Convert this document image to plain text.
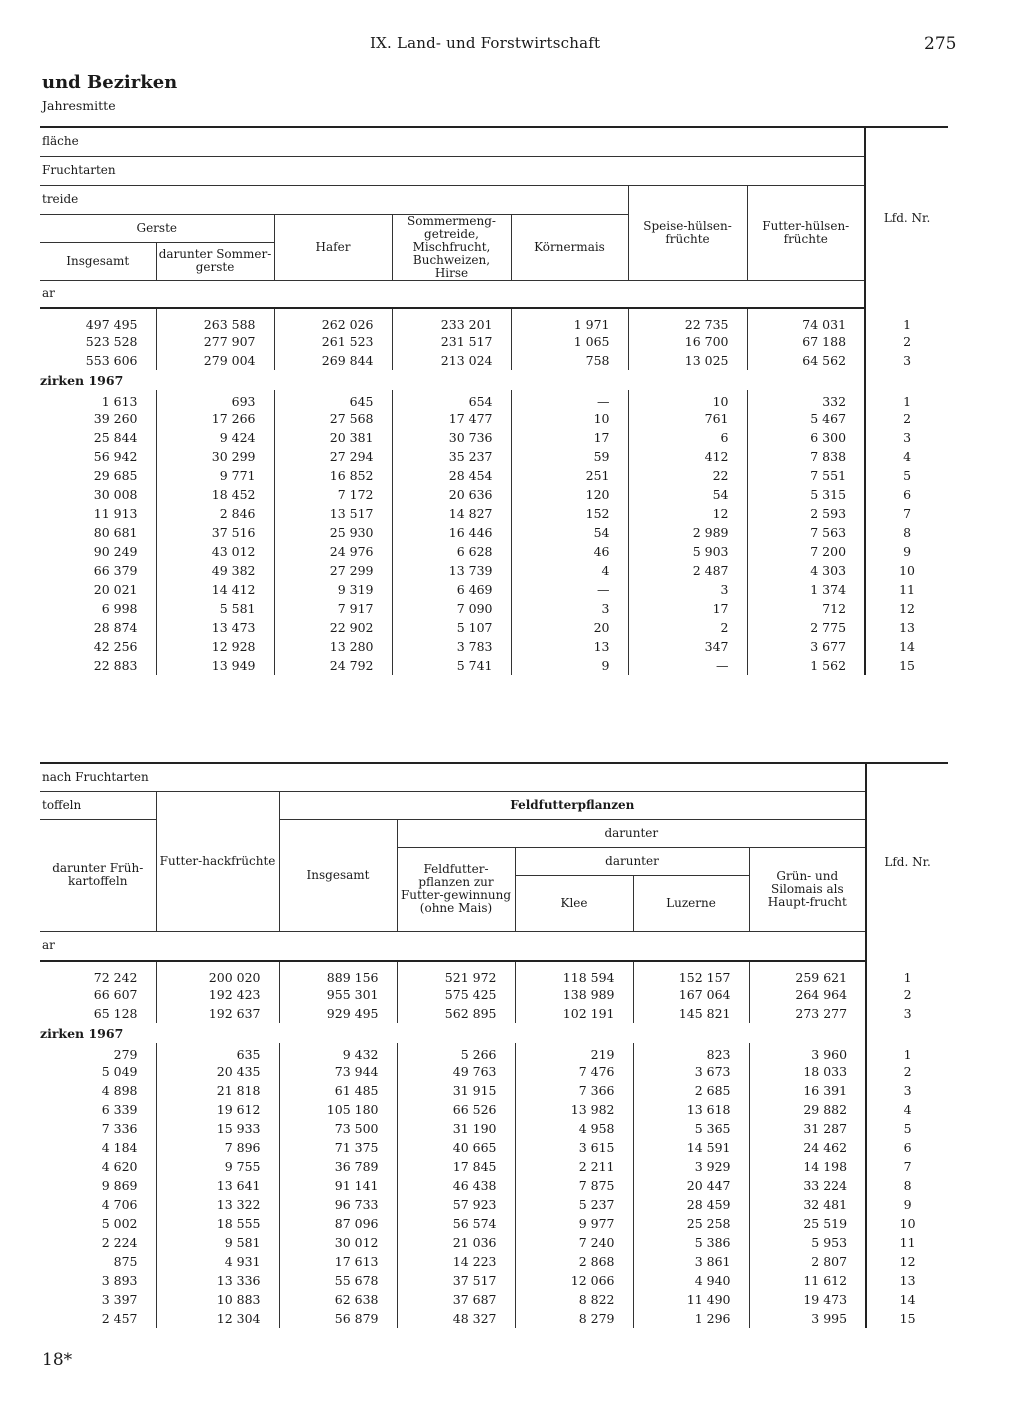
IX. Land- und Forstwirtschaft	275
und Bezirken
Jahresmitte
fläche							Lfd. Nr.
Fruchtarten							
treide					Speise-hülsen-früchte	Futter-hülsen-früchte	
Gerste		Hafer	Sommermeng-getreide, Mischfrucht, Buchweizen, Hirse	Körnermais			
Insgesamt	darunter Sommer-gerste						

ar							
497 495	263 588	262 026	233 201	1 971	22 735	74 031	1
523 528	277 907	261 523	231 517	1 065	16 700	67 188	2
553 606	279 004	269 844	213 024	758	13 025	64 562	3
zirken 1967							
1 613	693	645	654	—	10	332	1
39 260	17 266	27 568	17 477	10	761	5 467	2
25 844	9 424	20 381	30 736	17	6	6 300	3
56 942	30 299	27 294	35 237	59	412	7 838	4
29 685	9 771	16 852	28 454	251	22	7 551	5
30 008	18 452	7 172	20 636	120	54	5 315	6
11 913	2 846	13 517	14 827	152	12	2 593	7
80 681	37 516	25 930	16 446	54	2 989	7 563	8
90 249	43 012	24 976	6 628	46	5 903	7 200	9
66 379	49 382	27 299	13 739	4	2 487	4 303	10
20 021	14 412	9 319	6 469	—	3	1 374	11
6 998	5 581	7 917	7 090	3	17	712	12
28 874	13 473	22 902	5 107	20	2	2 775	13
42 256	12 928	13 280	3 783	13	347	3 677	14
22 883	13 949	24 792	5 741	9	—	1 562	15
nach Fruchtarten							Lfd. Nr.
toffeln	Futter-hackfrüchte	Feldfutterpflanzen					
darunter Früh-kartoffeln		Insgesamt	darunter				
			Feldfutter-pflanzen zur Futter-gewinnung (ohne Mais)	darunter		Grün- und Silomais als Haupt-frucht	
				Klee	Luzerne		
ar							
72 242	200 020	889 156	521 972	118 594	152 157	259 621	1
66 607	192 423	955 301	575 425	138 989	167 064	264 964	2
65 128	192 637	929 495	562 895	102 191	145 821	273 277	3
zirken 1967							
279	635	9 432	5 266	219	823	3 960	1
5 049	20 435	73 944	49 763	7 476	3 673	18 033	2
4 898	21 818	61 485	31 915	7 366	2 685	16 391	3
6 339	19 612	105 180	66 526	13 982	13 618	29 882	4
7 336	15 933	73 500	31 190	4 958	5 365	31 287	5
4 184	7 896	71 375	40 665	3 615	14 591	24 462	6
4 620	9 755	36 789	17 845	2 211	3 929	14 198	7
9 869	13 641	91 141	46 438	7 875	20 447	33 224	8
4 706	13 322	96 733	57 923	5 237	28 459	32 481	9
5 002	18 555	87 096	56 574	9 977	25 258	25 519	10
2 224	9 581	30 012	21 036	7 240	5 386	5 953	11
875	4 931	17 613	14 223	2 868	3 861	2 807	12
3 893	13 336	55 678	37 517	12 066	4 940	11 612	13
3 397	10 883	62 638	37 687	8 822	11 490	19 473	14
2 457	12 304	56 879	48 327	8 279	1 296	3 995	15
18*
